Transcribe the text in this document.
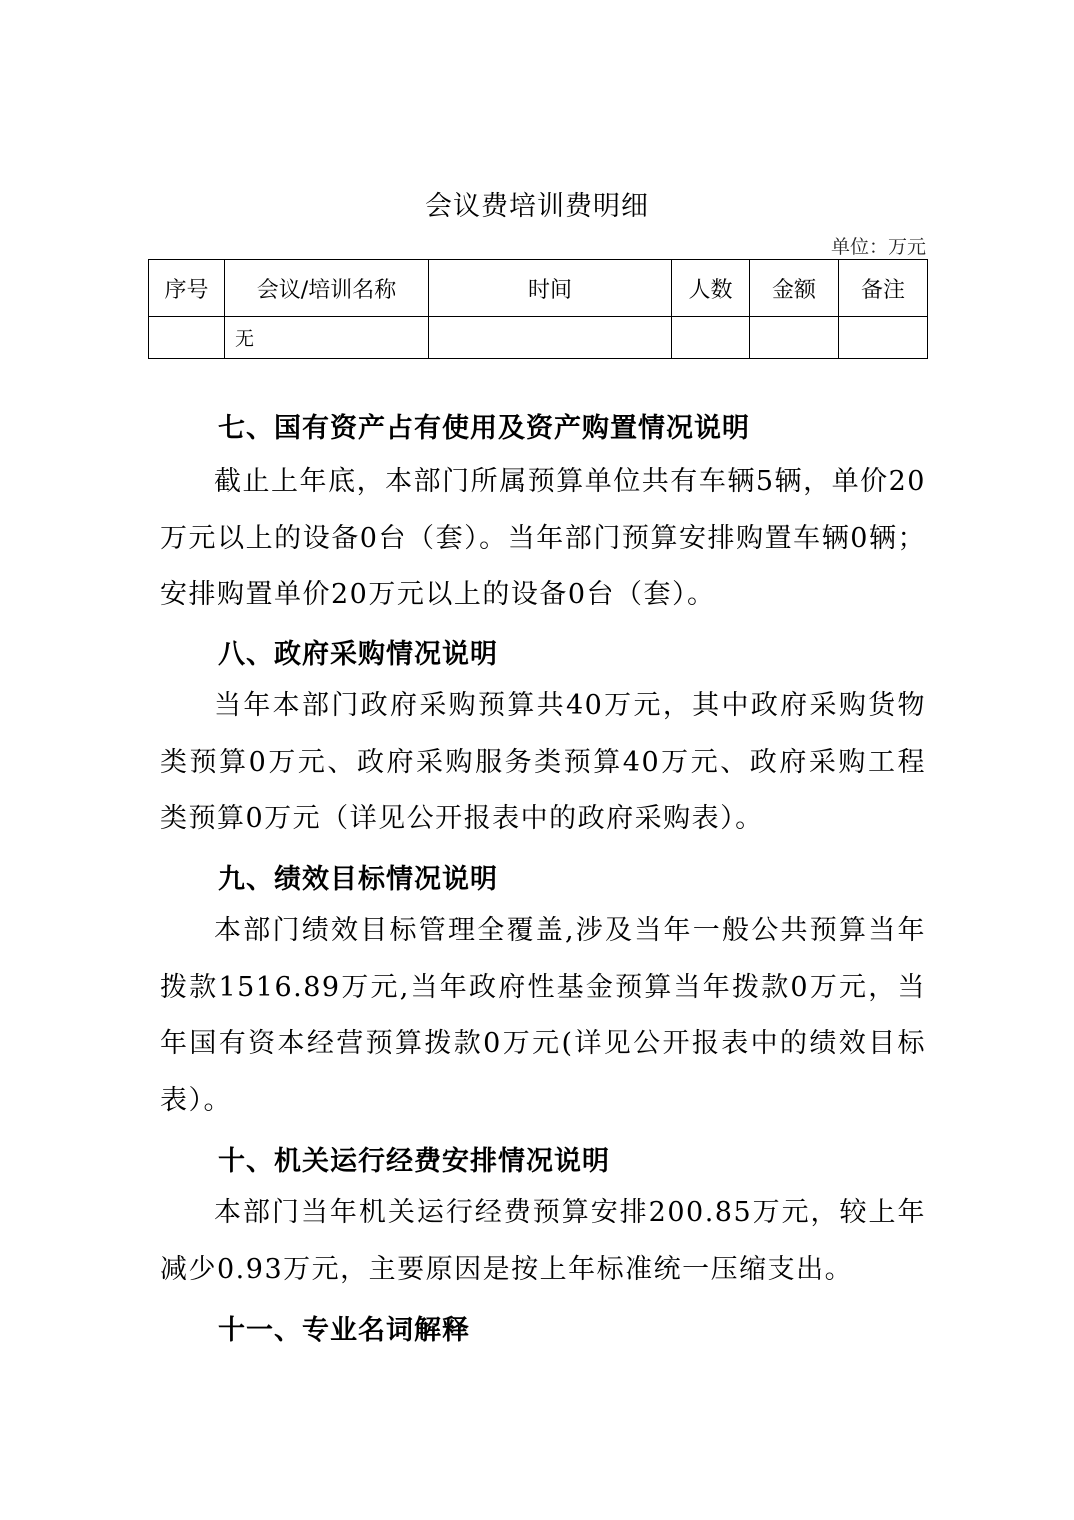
会议费培训费明细
单位：万元
序号	会议/培训名称	时间	人数	金额	备注

	无				

七、国有资产占有使用及资产购置情况说明
截止上年底，本部门所属预算单位共有车辆5辆，单价20万元以上的设备0台（套）。当年部门预算安排购置车辆0辆；安排购置单价20万元以上的设备0台（套）。
八、政府采购情况说明
当年本部门政府采购预算共40万元，其中政府采购货物类预算0万元、政府采购服务类预算40万元、政府采购工程类预算0万元（详见公开报表中的政府采购表）。
九、绩效目标情况说明
本部门绩效目标管理全覆盖,涉及当年一般公共预算当年拨款1516.89万元,当年政府性基金预算当年拨款0万元，当年国有资本经营预算拨款0万元(详见公开报表中的绩效目标表）。
十、机关运行经费安排情况说明
本部门当年机关运行经费预算安排200.85万元，较上年减少0.93万元，主要原因是按上年标准统一压缩支出。
十一、专业名词解释
